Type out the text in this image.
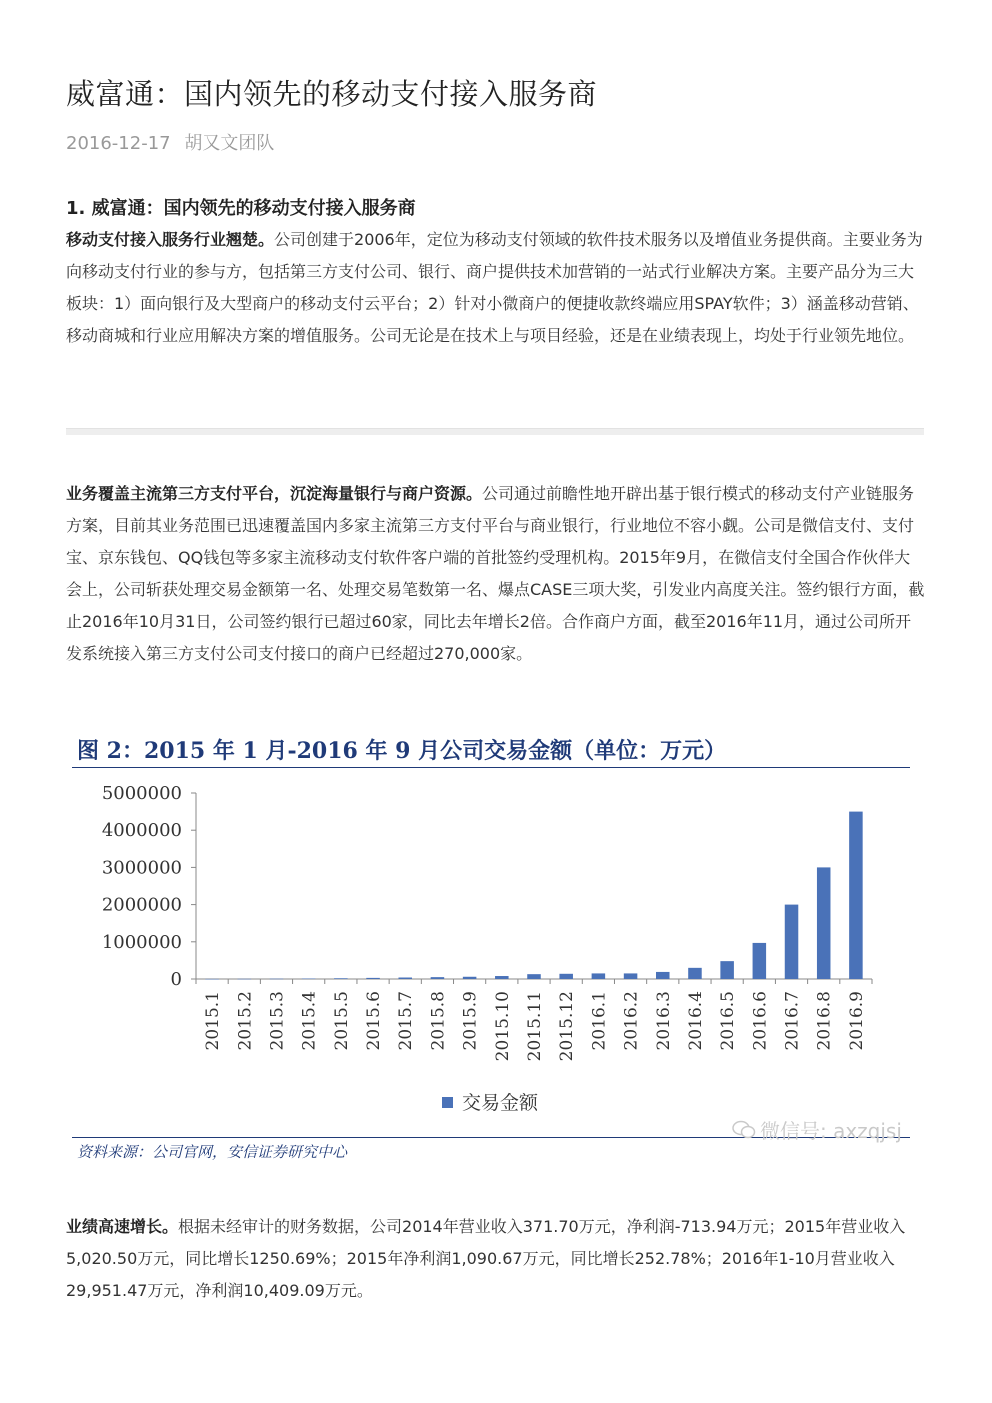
威富通：国内领先的移动支付接入服务商
2016-12-17 胡又文团队
1. 威富通：国内领先的移动支付接入服务商

移动支付接入服务行业翘楚。公司创建于2006年，定位为移动支付领域的软件技术服务以及增值业务提供商。主要业务为向移动支付行业的参与方，包括第三方支付公司、银行、商户提供技术加营销的一站式行业解决方案。主要产品分为三大板块：1）面向银行及大型商户的移动支付云平台；2）针对小微商户的便捷收款终端应用SPAY软件；3）涵盖移动营销、移动商城和行业应用解决方案的增值服务。公司无论是在技术上与项目经验，还是在业绩表现上，均处于行业领先地位。

业务覆盖主流第三方支付平台，沉淀海量银行与商户资源。公司通过前瞻性地开辟出基于银行模式的移动支付产业链服务方案，目前其业务范围已迅速覆盖国内多家主流第三方支付平台与商业银行，行业地位不容小觑。公司是微信支付、支付宝、京东钱包、QQ钱包等多家主流移动支付软件客户端的首批签约受理机构。2015年9月，在微信支付全国合作伙伴大会上，公司斩获处理交易金额第一名、处理交易笔数第一名、爆点CASE三项大奖，引发业内高度关注。签约银行方面，截止2016年10月31日，公司签约银行已超过60家，同比去年增长2倍。合作商户方面，截至2016年11月，通过公司所开发系统接入第三方支付公司支付接口的商户已经超过270,000家。

图 2：2015 年 1 月-2016 年 9 月公司交易金额（单位：万元）
0
1000000
2000000
3000000
4000000
5000000
2015.1 2015.2 2015.3 2015.4 2015.5 2015.6 2015.7 2015.8 2015.9 2015.10 2015.11 2015.12 2016.1 2016.2 2016.3 2016.4 2016.5 2016.6 2016.7 2016.8 2016.9
交易金额
资料来源：公司官网，安信证券研究中心
微信号: axzqjsj

业绩高速增长。根据未经审计的财务数据，公司2014年营业收入371.70万元，净利润-713.94万元；2015年营业收入5,020.50万元，同比增长1250.69%；2015年净利润1,090.67万元，同比增长252.78%；2016年1-10月营业收入29,951.47万元，净利润10,409.09万元。
